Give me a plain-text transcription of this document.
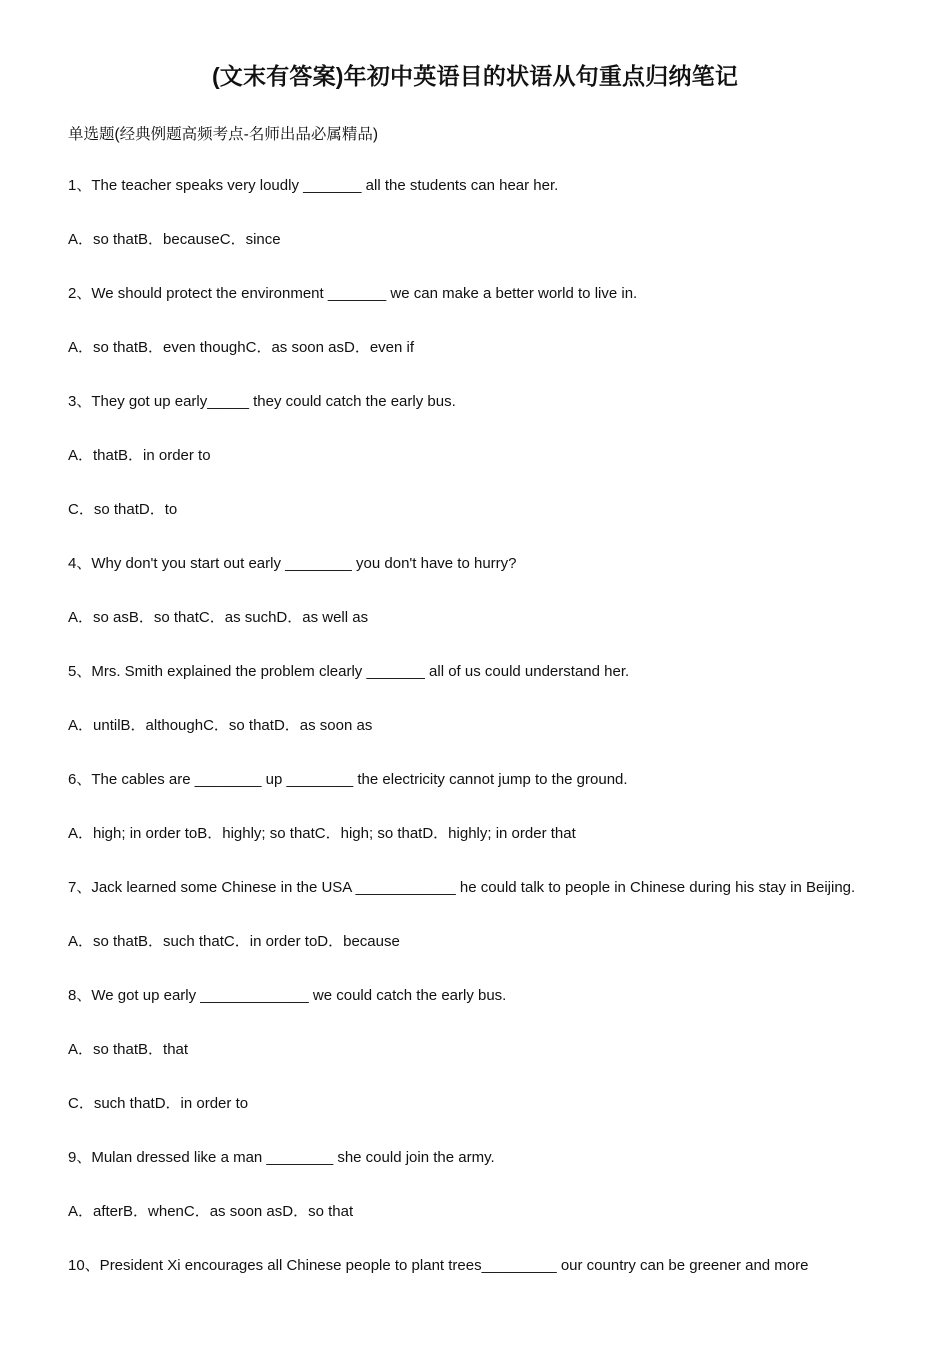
(文末有答案)年初中英语目的状语从句重点归纳笔记

单选题(经典例题高频考点-名师出品必属精品)

1、The teacher speaks very loudly _______ all the students can hear her.

A．so thatB．becauseC．since

2、We should protect the environment _______ we can make a better world to live in.

A．so thatB．even thoughC．as soon asD．even if

3、They got up early_____ they could catch the early bus.

A．thatB．in order to

C．so thatD．to

4、Why don't you start out early ________ you don't have to hurry?

A．so asB．so thatC．as suchD．as well as

5、Mrs. Smith explained the problem clearly _______ all of us could understand her.

A．untilB．althoughC．so thatD．as soon as

6、The cables are ________ up ________ the electricity cannot jump to the ground.

A．high; in order toB．highly; so thatC．high; so thatD．highly; in order that

7、Jack learned some Chinese in the USA ____________ he could talk to people in Chinese during his stay in Beijing.

A．so thatB．such thatC．in order toD．because

8、We got up early _____________ we could catch the early bus.

A．so thatB．that

C．such thatD．in order to

9、Mulan dressed like a man ________ she could join the army.

A．afterB．whenC．as soon asD．so that

10、President Xi encourages all Chinese people to plant trees_________ our country can be greener and more
